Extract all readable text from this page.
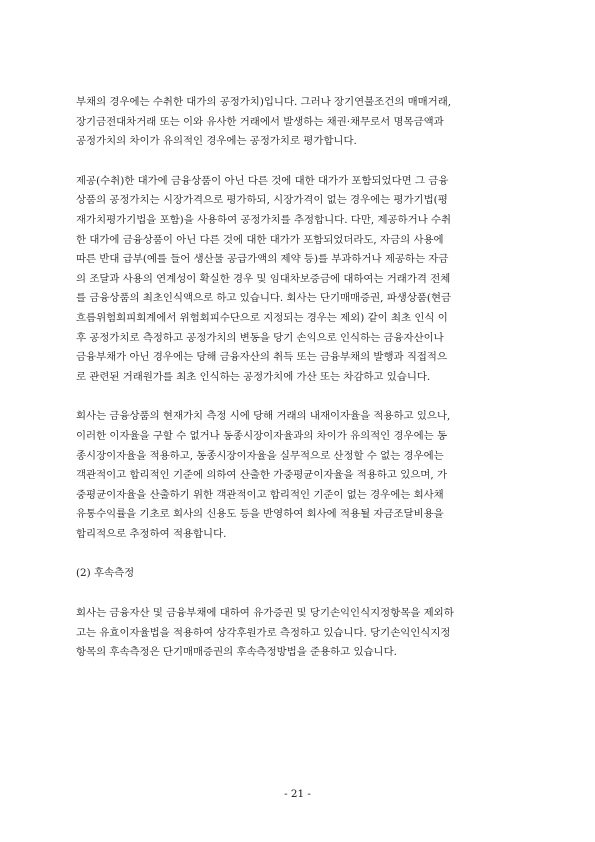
부채의 경우에는 수취한 대가의 공정가치)입니다. 그러나 장기연불조건의 매매거래,
장기금전대차거래 또는 이와 유사한 거래에서 발생하는 채권·채무로서 명목금액과
공정가치의 차이가 유의적인 경우에는 공정가치로 평가합니다.

제공(수취)한 대가에 금융상품이 아닌 다른 것에 대한 대가가 포함되었다면 그 금융
상품의 공정가치는 시장가격으로 평가하되, 시장가격이 없는 경우에는 평가기법(평
재가치평가기법을 포함)을 사용하여 공정가치를 추정합니다. 다만, 제공하거나 수취
한 대가에 금융상품이 아닌 다른 것에 대한 대가가 포함되었더라도, 자금의 사용에
따른 반대 급부(예를 들어 생산물 공급가액의 제약 등)를 부과하거나 제공하는 자금
의 조달과 사용의 연계성이 확실한 경우 및 임대차보증금에 대하여는 거래가격 전체
를 금융상품의 최초인식액으로 하고 있습니다. 회사는 단기매매증권, 파생상품(현금
흐름위험회피회계에서 위험회피수단으로 지정되는 경우는 제외) 같이 최초 인식 이
후 공정가치로 측정하고 공정가치의 변동을 당기 손익으로 인식하는 금융자산이나
금융부채가 아닌 경우에는 당해 금융자산의 취득 또는 금융부채의 발행과 직접적으
로 관련된 거래원가를 최초 인식하는 공정가치에 가산 또는 차감하고 있습니다.

회사는 금융상품의 현재가치 측정 시에 당해 거래의 내재이자율을 적용하고 있으나,
이러한 이자율을 구할 수 없거나 동종시장이자율과의 차이가 유의적인 경우에는 동
종시장이자율을 적용하고, 동종시장이자율을 실무적으로 산정할 수 없는 경우에는
객관적이고 합리적인 기준에 의하여 산출한 가중평균이자율을 적용하고 있으며, 가
중평균이자율을 산출하기 위한 객관적이고 합리적인 기준이 없는 경우에는 회사채
유통수익률을 기초로 회사의 신용도 등을 반영하여 회사에 적용될 자금조달비용을
합리적으로 추정하여 적용합니다.

(2) 후속측정

회사는 금융자산 및 금융부채에 대하여 유가증권 및 당기손익인식지정항목을 제외하
고는 유효이자율법을 적용하여 상각후원가로 측정하고 있습니다. 당기손익인식지정
항목의 후속측정은 단기매매증권의 후속측정방법을 준용하고 있습니다.

- 21 -
